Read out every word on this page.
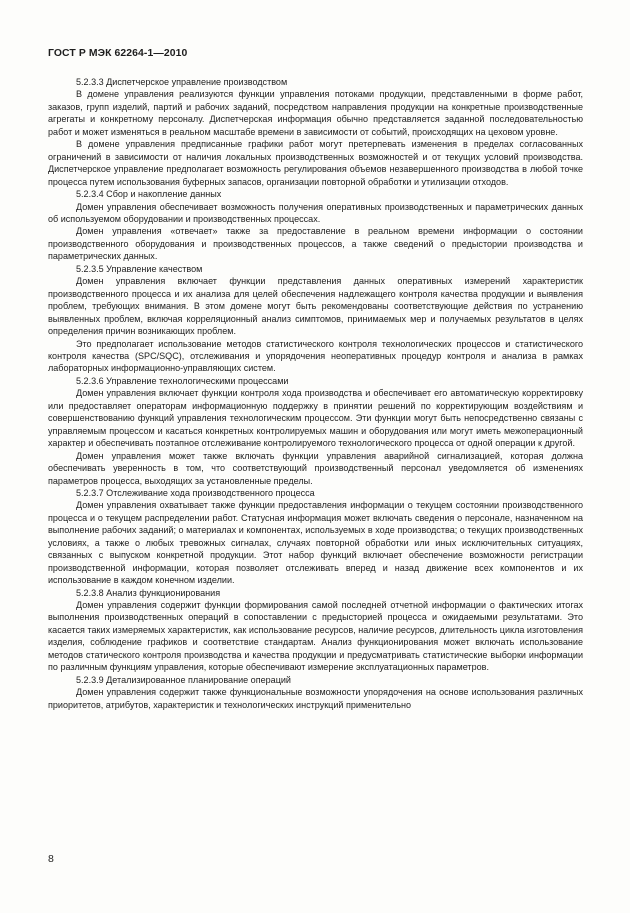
ГОСТ Р МЭК 62264-1—2010

5.2.3.3 Диспетчерское управление производством

В домене управления реализуются функции управления потоками продукции, представленными в форме работ, заказов, групп изделий, партий и рабочих заданий, посредством направления продукции на конкретные производственные агрегаты и конкретному персоналу. Диспетчерская информация обычно представляется заданной последовательностью работ и может изменяться в реальном масштабе времени в зависимости от событий, происходящих на цеховом уровне.

В домене управления предписанные графики работ могут претерпевать изменения в пределах согласованных ограничений в зависимости от наличия локальных производственных возможностей и от текущих условий производства. Диспетчерское управление предполагает возможность регулирования объемов незавершенного производства в любой точке процесса путем использования буферных запасов, организации повторной обработки и утилизации отходов.

5.2.3.4 Сбор и накопление данных

Домен управления обеспечивает возможность получения оперативных производственных и параметрических данных об используемом оборудовании и производственных процессах.

Домен управления «отвечает» также за предоставление в реальном времени информации о состоянии производственного оборудования и производственных процессов, а также сведений о предыстории производства и параметрических данных.

5.2.3.5 Управление качеством

Домен управления включает функции представления данных оперативных измерений характеристик производственного процесса и их анализа для целей обеспечения надлежащего контроля качества продукции и выявления проблем, требующих внимания. В этом домене могут быть рекомендованы соответствующие действия по устранению выявленных проблем, включая корреляционный анализ симптомов, принимаемых мер и получаемых результатов в целях определения причин возникающих проблем.

Это предполагает использование методов статистического контроля технологических процессов и статистического контроля качества (SPC/SQC), отслеживания и упорядочения неоперативных процедур контроля и анализа в рамках лабораторных информационно-управляющих систем.

5.2.3.6 Управление технологическими процессами

Домен управления включает функции контроля хода производства и обеспечивает его автоматическую корректировку или предоставляет операторам информационную поддержку в принятии решений по корректирующим воздействиям и совершенствованию функций управления технологическим процессом. Эти функции могут быть непосредственно связаны с управляемым процессом и касаться конкретных контролируемых машин и оборудования или могут иметь межоперационный характер и обеспечивать поэтапное отслеживание контролируемого технологического процесса от одной операции к другой.

Домен управления может также включать функции управления аварийной сигнализацией, которая должна обеспечивать уверенность в том, что соответствующий производственный персонал уведомляется об изменениях параметров процесса, выходящих за установленные пределы.

5.2.3.7 Отслеживание хода производственного процесса

Домен управления охватывает также функции предоставления информации о текущем состоянии производственного процесса и о текущем распределении работ. Статусная информация может включать сведения о персонале, назначенном на выполнение рабочих заданий; о материалах и компонентах, используемых в ходе производства; о текущих производственных условиях, а также о любых тревожных сигналах, случаях повторной обработки или иных исключительных ситуациях, связанных с выпуском конкретной продукции. Этот набор функций включает обеспечение возможности регистрации производственной информации, которая позволяет отслеживать вперед и назад движение всех компонентов и их использование в каждом конечном изделии.

5.2.3.8 Анализ функционирования

Домен управления содержит функции формирования самой последней отчетной информации о фактических итогах выполнения производственных операций в сопоставлении с предысторией процесса и ожидаемыми результатами. Это касается таких измеряемых характеристик, как использование ресурсов, наличие ресурсов, длительность цикла изготовления изделия, соблюдение графиков и соответствие стандартам. Анализ функционирования может включать использование методов статического контроля производства и качества продукции и предусматривать статистические выборки информации по различным функциям управления, которые обеспечивают измерение эксплуатационных параметров.

5.2.3.9 Детализированное планирование операций

Домен управления содержит также функциональные возможности упорядочения на основе использования различных приоритетов, атрибутов, характеристик и технологических инструкций применительно

8
